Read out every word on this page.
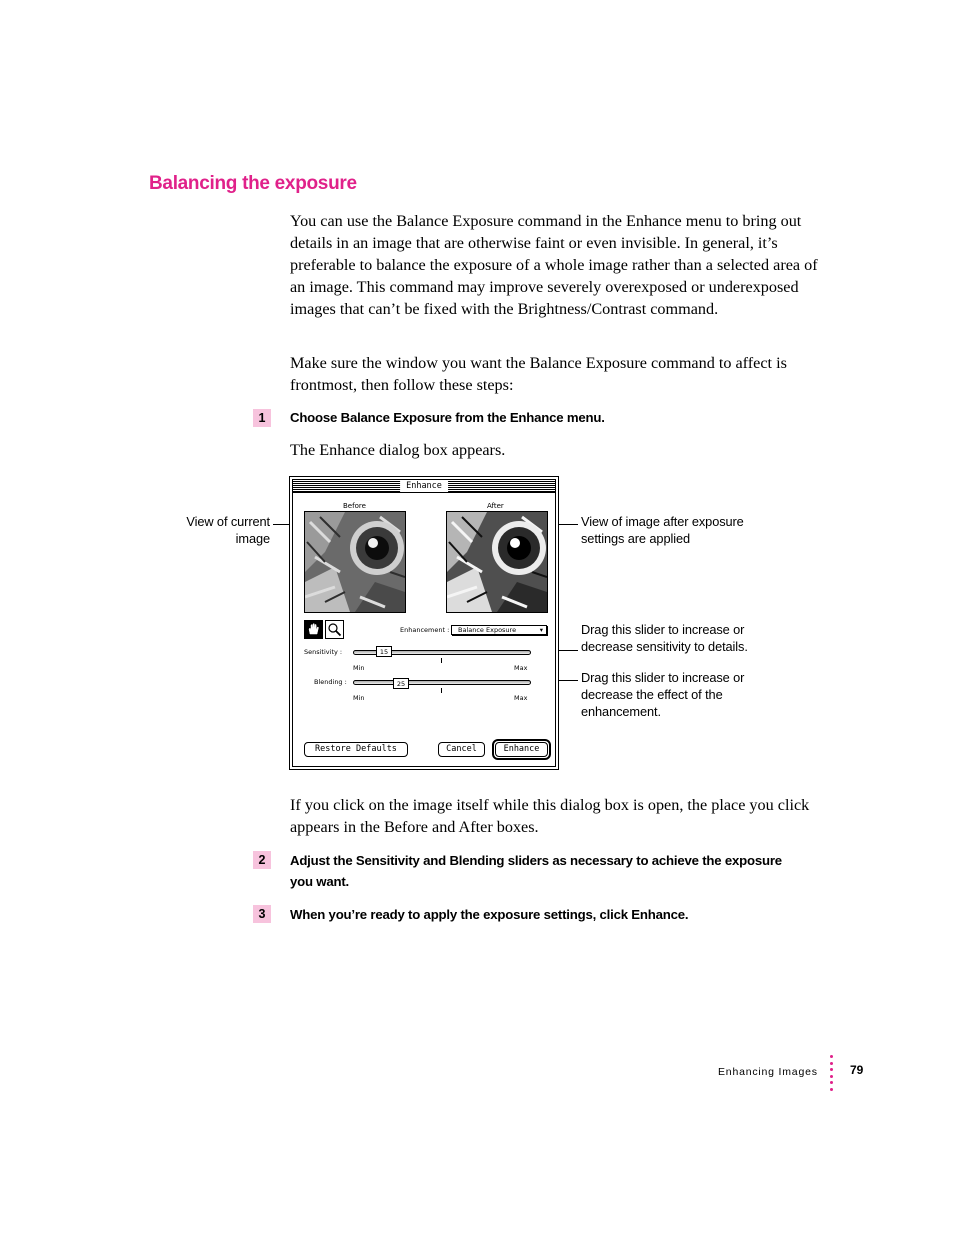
Balancing the exposure
You can use the Balance Exposure command in the Enhance menu to bring out details in an image that are otherwise faint or even invisible. In general, it’s preferable to balance the exposure of a whole image rather than a selected area of an image. This command may improve severely overexposed or underexposed images that can’t be fixed with the Brightness/Contrast command.
Make sure the window you want the Balance Exposure command to affect is frontmost, then follow these steps:
1	Choose Balance Exposure from the Enhance menu.
The Enhance dialog box appears.
View of current image
View of image after exposure settings are applied
Drag this slider to increase or decrease sensitivity to details.
Drag this slider to increase or decrease the effect of the enhancement.
Enhance
Before	After
Enhancement :	Balance Exposure	▾
Sensitivity :	15
Min	Max
Blending :	25
Min	Max
Restore Defaults	Cancel	Enhance
If you click on the image itself while this dialog box is open, the place you click appears in the Before and After boxes.
2	Adjust the Sensitivity and Blending sliders as necessary to achieve the exposure you want.
3	When you’re ready to apply the exposure settings, click Enhance.
Enhancing Images	79
